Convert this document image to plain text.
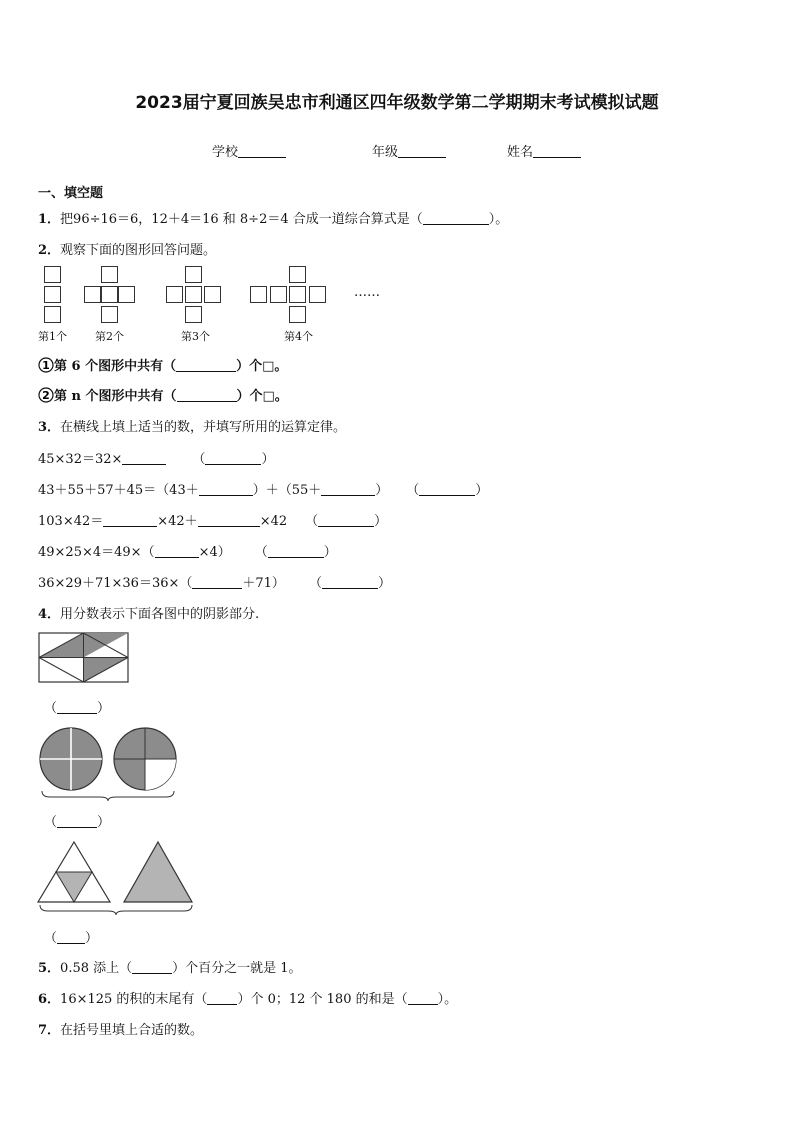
2023届宁夏回族吴忠市利通区四年级数学第二学期期末考试模拟试题
学校	年级	姓名
一、填空题
1．把96÷16＝6，12＋4＝16 和 8÷2＝4 合成一道综合算式是（	）。
2．观察下面的图形回答问题。
……
第1个	第2个	第3个	第4个
1 第 6 个图形中共有（	）个□。
2 第 n 个图形中共有（	）个□。
3．在横线上填上适当的数，并填写所用的运算定律。
45×32＝32×	（	）
43＋55＋57＋45＝（43＋	）＋（55＋	） （	）
103×42＝	×42＋	×42 （	）
49×25×4＝49×（	×4） （	）
36×29＋71×36＝36×（	＋71） （	）
4．用分数表示下面各图中的阴影部分.
（	）
（	）
（ ）
5．0.58 添上（	）个百分之一就是 1。
6．16×125 的积的末尾有（ ）个 0；12 个 180 的和是（ ）。
7．在括号里填上合适的数。
